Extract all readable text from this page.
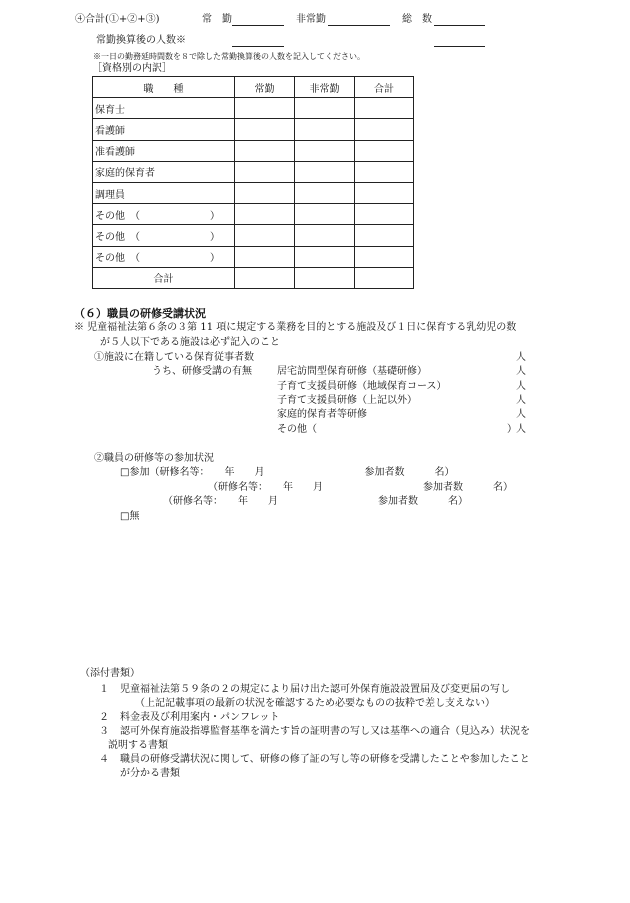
④合計(①+②+③)	常　勤	非常勤	総　数
常勤換算後の人数※
※一日の勤務延時間数を８で除した常勤換算後の人数を記入してください。
［資格別の内訳］
職　　種	常勤	非常勤	合計
保育士			
看護師			
准看護師			
家庭的保育者			
調理員			
その他　（　　　　　　　）			
その他　（　　　　　　　）			
その他　（　　　　　　　）			
合計			
（６）職員の研修受講状況
※ 児童福祉法第６条の３第 11 項に規定する業務を目的とする施設及び１日に保育する乳幼児の数
が５人以下である施設は必ず記入のこと
①施設に在籍している保育従事者数	人
うち、研修受講の有無	居宅訪問型保育研修（基礎研修）	人
子育て支援員研修（地域保育コース）	人
子育て支援員研修（上記以外）	人
家庭的保育者等研修	人
その他（　　　　　　　　　　　　　　　　　　　） 人
②職員の研修等の参加状況
□参加（研修名等：　　年　　月　　　　　　　　　　参加者数　　　名）
（研修名等：　　年　　月　　　　　　　　　　参加者数　　　名）
（研修名等：　　年　　月　　　　　　　　　　参加者数　　　名）
□無
（添付書類）
１ 児童福祉法第５９条の２の規定により届け出た認可外保育施設設置届及び変更届の写し
（上記記載事項の最新の状況を確認するため必要なものの抜粋で差し支えない）
２ 料金表及び利用案内・パンフレット
３ 認可外保育施設指導監督基準を満たす旨の証明書の写し又は基準への適合（見込み）状況を
説明する書類
４ 職員の研修受講状況に関して、研修の修了証の写し等の研修を受講したことや参加したこと
が分かる書類
